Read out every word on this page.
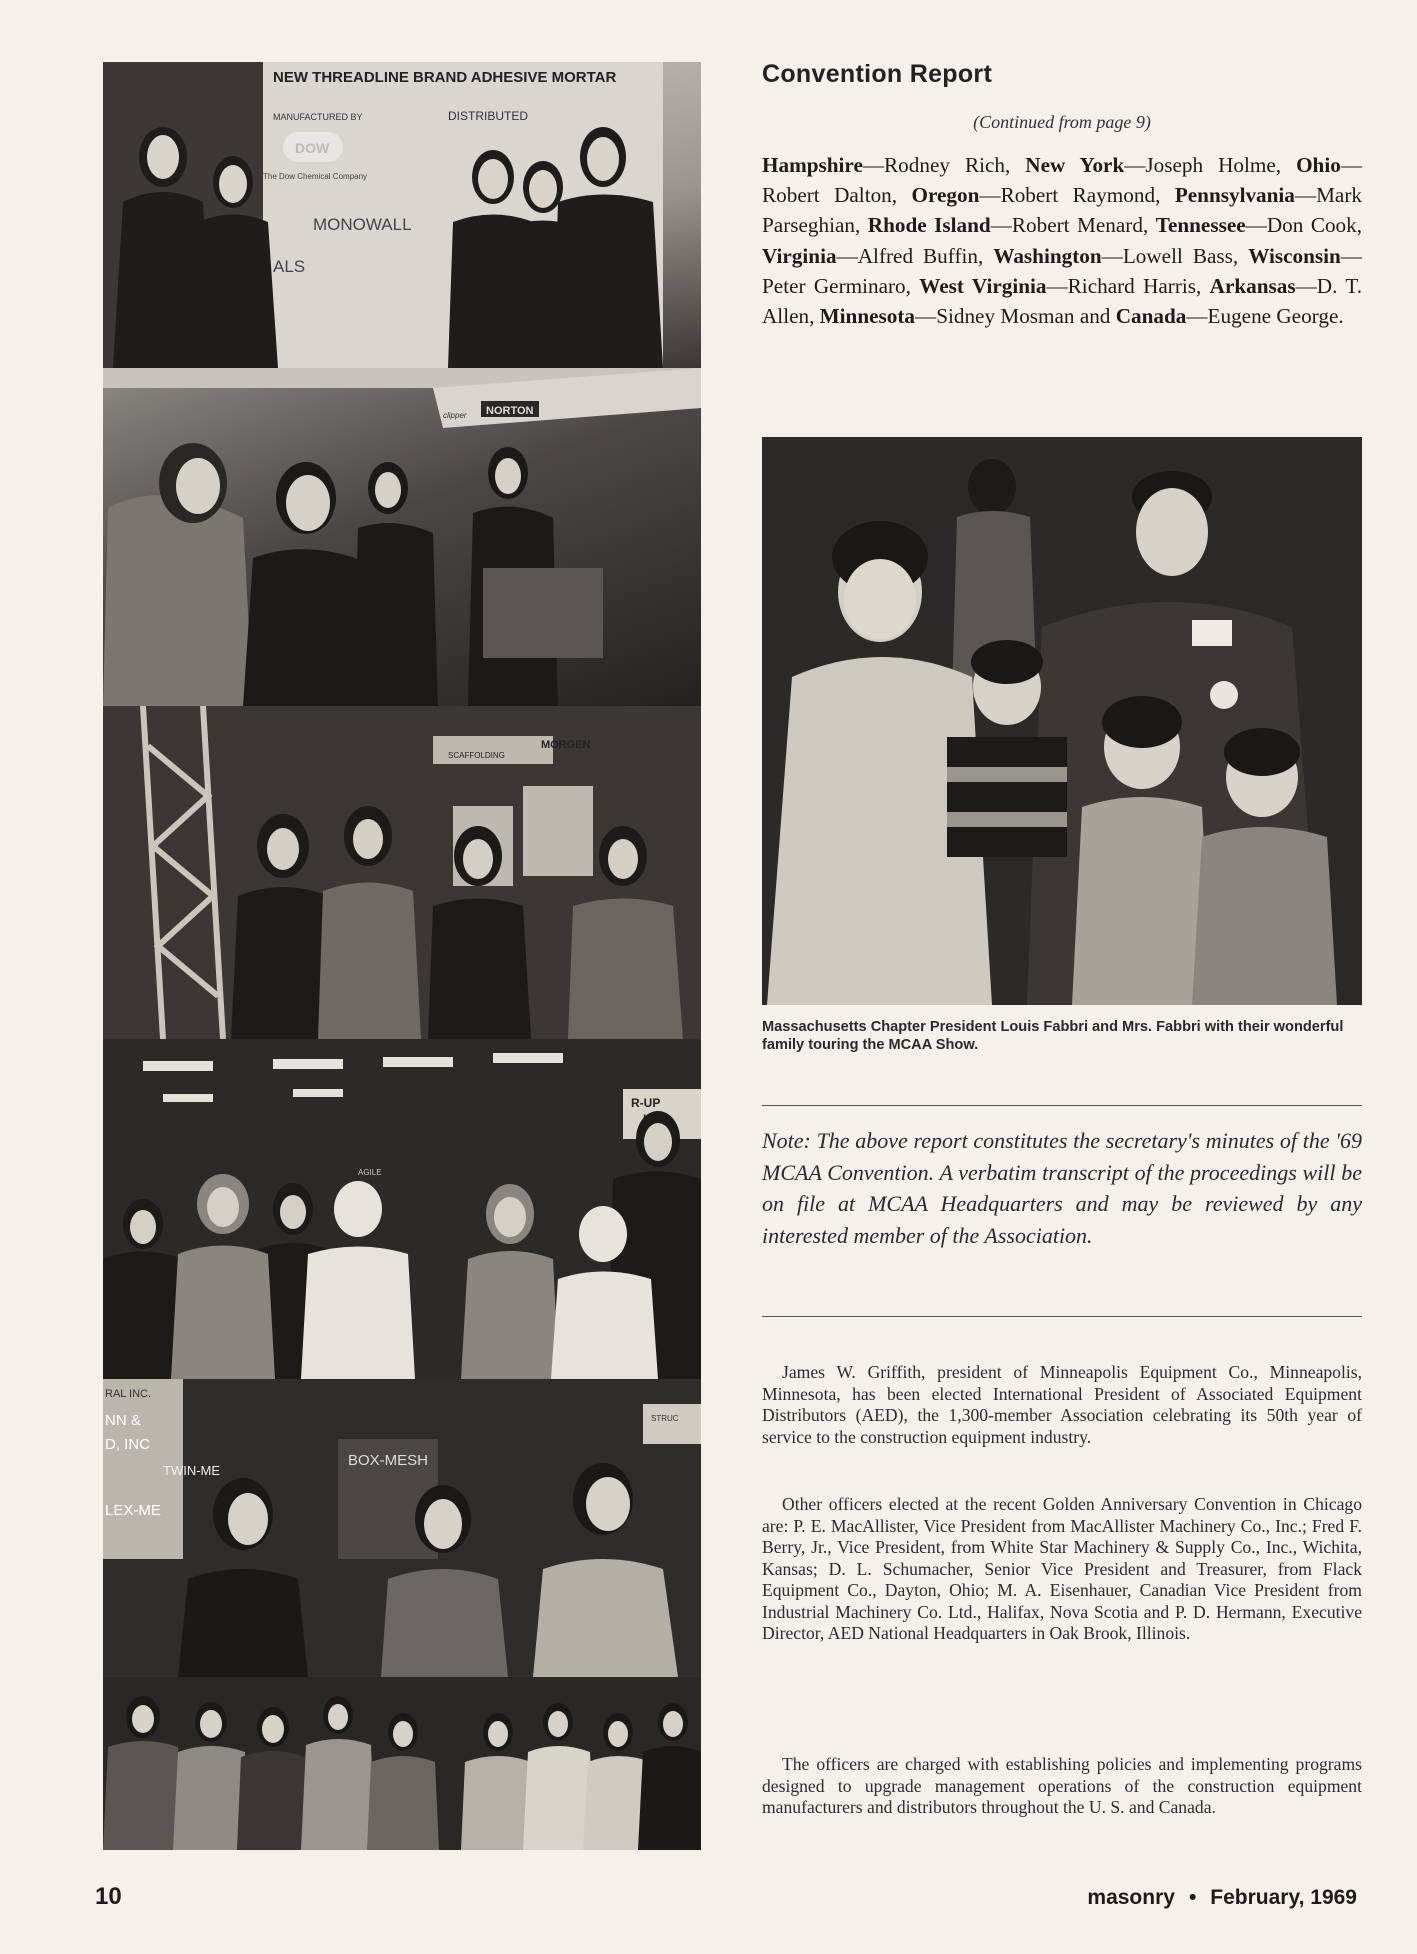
NEW THREADLINE BRAND ADHESIVE MORTAR
MANUFACTURED BY	DISTRIBUTED
DOW
The Dow Chemical Company
MONOWALL
ALS
NORTON
clipper
MORGEN
SCAFFOLDING
R-UP
AGILE
RAL INC.
NN &
D, INC
TWIN-ME
LEX-ME
BOX-MESH
STRUC
Convention Report
(Continued from page 9)
Hampshire—Rodney Rich, New York—Joseph Holme, Ohio—Robert Dalton, Oregon—Robert Raymond, Pennsylvania—Mark Parseghian, Rhode Island—Robert Menard, Tennessee—Don Cook, Virginia—Alfred Buffin, Washington—Lowell Bass, Wisconsin—Peter Germinaro, West Virginia—Richard Harris, Arkansas—D. T. Allen, Minnesota—Sidney Mosman and Canada—Eugene George.
Massachusetts Chapter President Louis Fabbri and Mrs. Fabbri with their wonderful family touring the MCAA Show.
Note: The above report constitutes the secretary's minutes of the '69 MCAA Convention. A verbatim transcript of the proceedings will be on file at MCAA Headquarters and may be reviewed by any interested member of the Association.
James W. Griffith, president of Minneapolis Equipment Co., Minneapolis, Minnesota, has been elected International President of Associated Equipment Distributors (AED), the 1,300-member Association celebrating its 50th year of service to the construction equipment industry.
Other officers elected at the recent Golden Anniversary Convention in Chicago are: P. E. MacAllister, Vice President from MacAllister Machinery Co., Inc.; Fred F. Berry, Jr., Vice President, from White Star Machinery & Supply Co., Inc., Wichita, Kansas; D. L. Schumacher, Senior Vice President and Treasurer, from Flack Equipment Co., Dayton, Ohio; M. A. Eisenhauer, Canadian Vice President from Industrial Machinery Co. Ltd., Halifax, Nova Scotia and P. D. Hermann, Executive Director, AED National Headquarters in Oak Brook, Illinois.
The officers are charged with establishing policies and implementing programs designed to upgrade management operations of the construction equipment manufacturers and distributors throughout the U. S. and Canada.
10	masonry • February, 1969
